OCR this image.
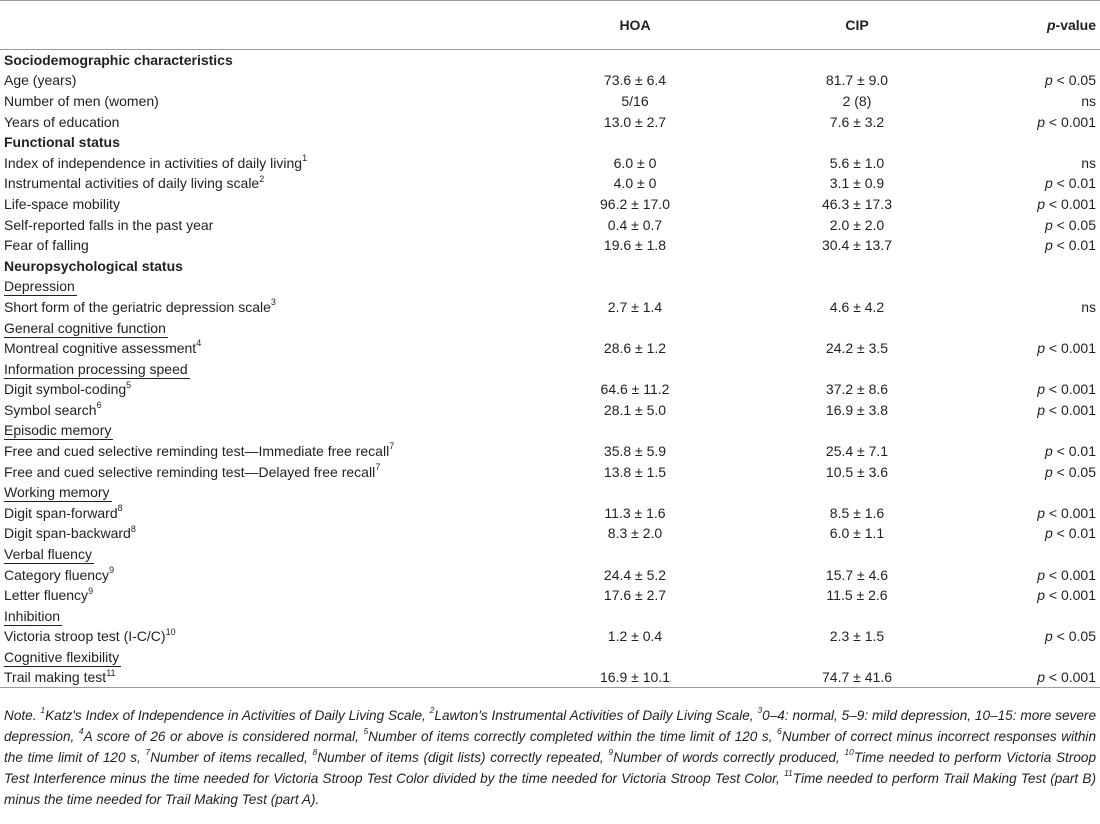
	HOA	CIP	p-value
Sociodemographic characteristics			
Age (years)	73.6 ± 6.4	81.7 ± 9.0	p < 0.05
Number of men (women)	5/16	2 (8)	ns
Years of education	13.0 ± 2.7	7.6 ± 3.2	p < 0.001
Functional status			
Index of independence in activities of daily living$^1$	6.0 ± 0	5.6 ± 1.0	ns
Instrumental activities of daily living scale$^2$	4.0 ± 0	3.1 ± 0.9	p < 0.01
Life-space mobility	96.2 ± 17.0	46.3 ± 17.3	p < 0.001
Self-reported falls in the past year	0.4 ± 0.7	2.0 ± 2.0	p < 0.05
Fear of falling	19.6 ± 1.8	30.4 ± 13.7	p < 0.01
Neuropsychological status			
Depression			
Short form of the geriatric depression scale$^3$	2.7 ± 1.4	4.6 ± 4.2	ns
General cognitive function			
Montreal cognitive assessment$^4$	28.6 ± 1.2	24.2 ± 3.5	p < 0.001
Information processing speed			
Digit symbol-coding$^5$	64.6 ± 11.2	37.2 ± 8.6	p < 0.001
Symbol search$^6$	28.1 ± 5.0	16.9 ± 3.8	p < 0.001
Episodic memory			
Free and cued selective reminding test—Immediate free recall$^7$	35.8 ± 5.9	25.4 ± 7.1	p < 0.01
Free and cued selective reminding test—Delayed free recall$^7$	13.8 ± 1.5	10.5 ± 3.6	p < 0.05
Working memory			
Digit span-forward$^8$	11.3 ± 1.6	8.5 ± 1.6	p < 0.001
Digit span-backward$^8$	8.3 ± 2.0	6.0 ± 1.1	p < 0.01
Verbal fluency			
Category fluency$^9$	24.4 ± 5.2	15.7 ± 4.6	p < 0.001
Letter fluency$^9$	17.6 ± 2.7	11.5 ± 2.6	p < 0.001
Inhibition			
Victoria stroop test $(I-C/C)^{10}$	1.2 ± 0.4	2.3 ± 1.5	p < 0.05
Cognitive flexibility			
Trail making test$^{11}$	16.9 ± 10.1	74.7 ± 41.6	p < 0.001

Note. $^1$Katz's Index of Independence in Activities of Daily Living Scale, $^2$Lawton's Instrumental Activities of Daily Living Scale, $^3$0–4: normal, 5–9: mild depression, 10–15: more severe depression, $^4$A score of 26 or above is considered normal, $^5$Number of items correctly completed within the time limit of 120 s, $^6$Number of correct minus incorrect responses within the time limit of 120 s, $^7$Number of items recalled, $^8$Number of items (digit lists) correctly repeated, $^9$Number of words correctly produced, $^{10}$Time needed to perform Victoria Stroop Test Interference minus the time needed for Victoria Stroop Test Color divided by the time needed for Victoria Stroop Test Color, $^{11}$Time needed to perform Trail Making Test (part B) minus the time needed for Trail Making Test (part A).
